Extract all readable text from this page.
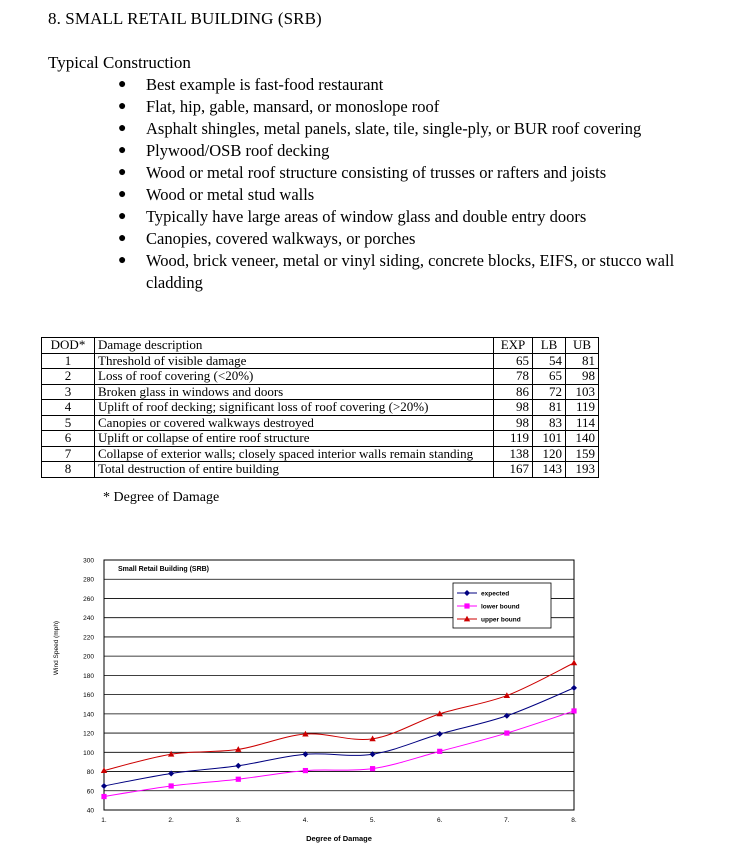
8. SMALL RETAIL BUILDING (SRB)
Typical Construction
● Best example is fast-food restaurant
● Flat, hip, gable, mansard, or monoslope roof
● Asphalt shingles, metal panels, slate, tile, single-ply, or BUR roof covering
● Plywood/OSB roof decking
● Wood or metal roof structure consisting of trusses or rafters and joists
● Wood or metal stud walls
● Typically have large areas of window glass and double entry doors
● Canopies, covered walkways, or porches
● Wood, brick veneer, metal or vinyl siding, concrete blocks, EIFS, or stucco wall cladding
DOD*	Damage description	EXP	LB	UB
1	Threshold of visible damage	65	54	81
2	Loss of roof covering (<20%)	78	65	98
3	Broken glass in windows and doors	86	72	103
4	Uplift of roof decking; significant loss of roof covering (>20%)	98	81	119
5	Canopies or covered walkways destroyed	98	83	114
6	Uplift or collapse of entire roof structure	119	101	140
7	Collapse of exterior walls; closely spaced interior walls remain standing	138	120	159
8	Total destruction of entire building	167	143	193
* Degree of Damage
40
60
80
100
120
140
160
180
200
220
240
260
280
300
1.	2.	3.	4.	5.	6.	7.	8.
Small Retail Building (SRB)
Degree of Damage
Wind Speed (mph)
expected
lower bound
upper bound
